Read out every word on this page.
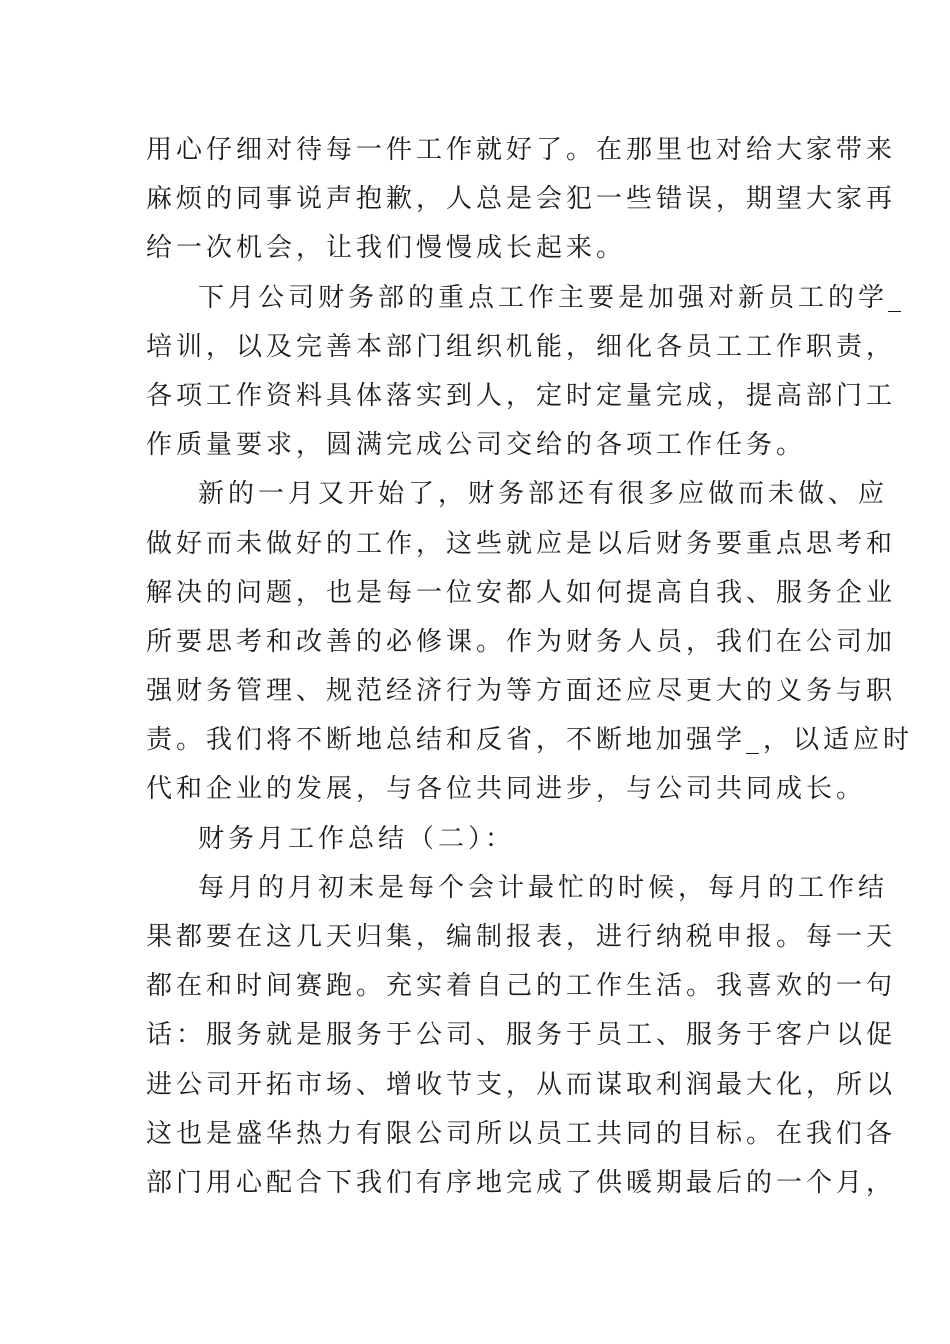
用心仔细对待每一件工作就好了。在那里也对给大家带来
麻烦的同事说声抱歉，人总是会犯一些错误，期望大家再
给一次机会，让我们慢慢成长起来。
下月公司财务部的重点工作主要是加强对新员工的学_
培训，以及完善本部门组织机能，细化各员工工作职责，
各项工作资料具体落实到人，定时定量完成，提高部门工
作质量要求，圆满完成公司交给的各项工作任务。
新的一月又开始了，财务部还有很多应做而未做、应
做好而未做好的工作，这些就应是以后财务要重点思考和
解决的问题，也是每一位安都人如何提高自我、服务企业
所要思考和改善的必修课。作为财务人员，我们在公司加
强财务管理、规范经济行为等方面还应尽更大的义务与职
责。我们将不断地总结和反省，不断地加强学_，以适应时
代和企业的发展，与各位共同进步，与公司共同成长。
财务月工作总结（二）：
每月的月初末是每个会计最忙的时候，每月的工作结
果都要在这几天归集，编制报表，进行纳税申报。每一天
都在和时间赛跑。充实着自己的工作生活。我喜欢的一句
话：服务就是服务于公司、服务于员工、服务于客户以促
进公司开拓市场、增收节支，从而谋取利润最大化，所以
这也是盛华热力有限公司所以员工共同的目标。在我们各
部门用心配合下我们有序地完成了供暖期最后的一个月，
